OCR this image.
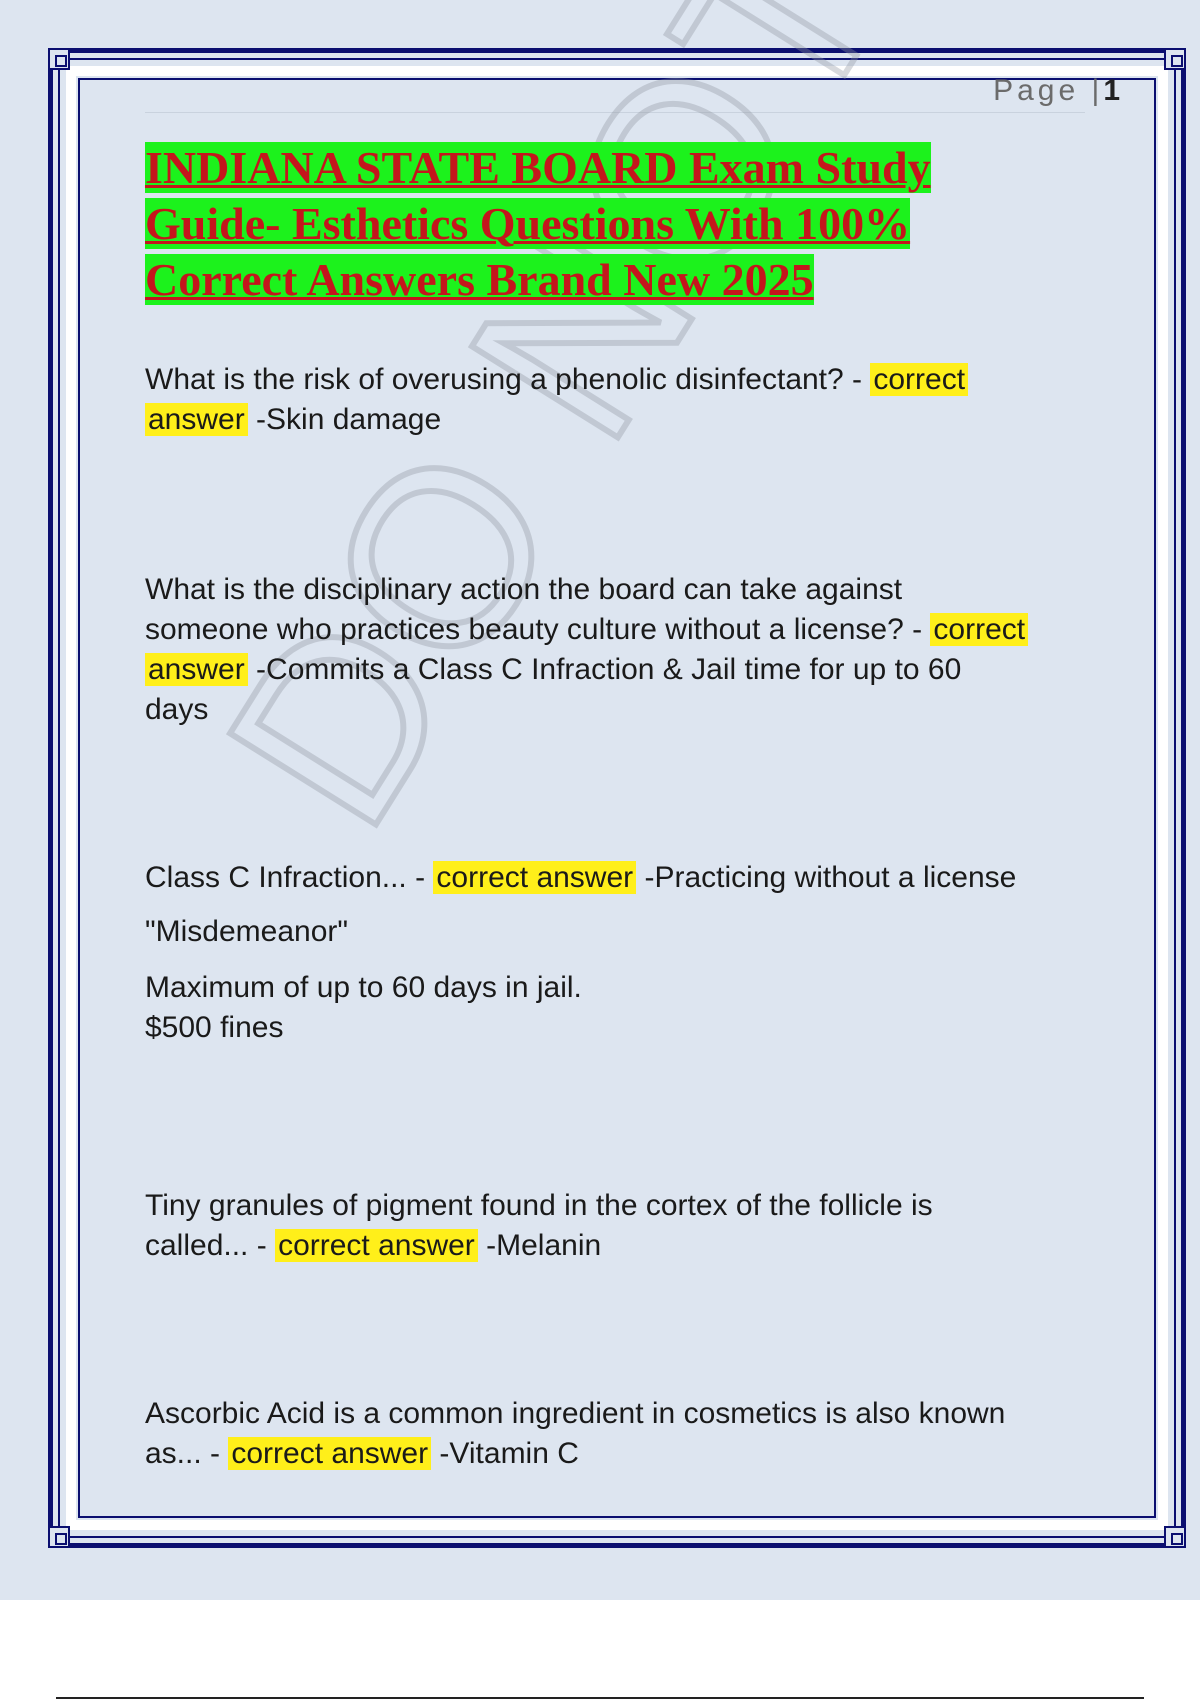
Page |1
DO
INDIANA STATE BOARD Exam Study Guide- Esthetics Questions With 100% Correct Answers Brand New 2025
What is the risk of overusing a phenolic disinfectant? - correct
answer -Skin damage
What is the disciplinary action the board can take against
someone who practices beauty culture without a license? - correct
answer -Commits a Class C Infraction & Jail time for up to 60
days
Class C Infraction... - correct answer -Practicing without a license
"Misdemeanor"
Maximum of up to 60 days in jail.
$500 fines
Tiny granules of pigment found in the cortex of the follicle is
called... - correct answer -Melanin
Ascorbic Acid is a common ingredient in cosmetics is also known
as... - correct answer -Vitamin C
